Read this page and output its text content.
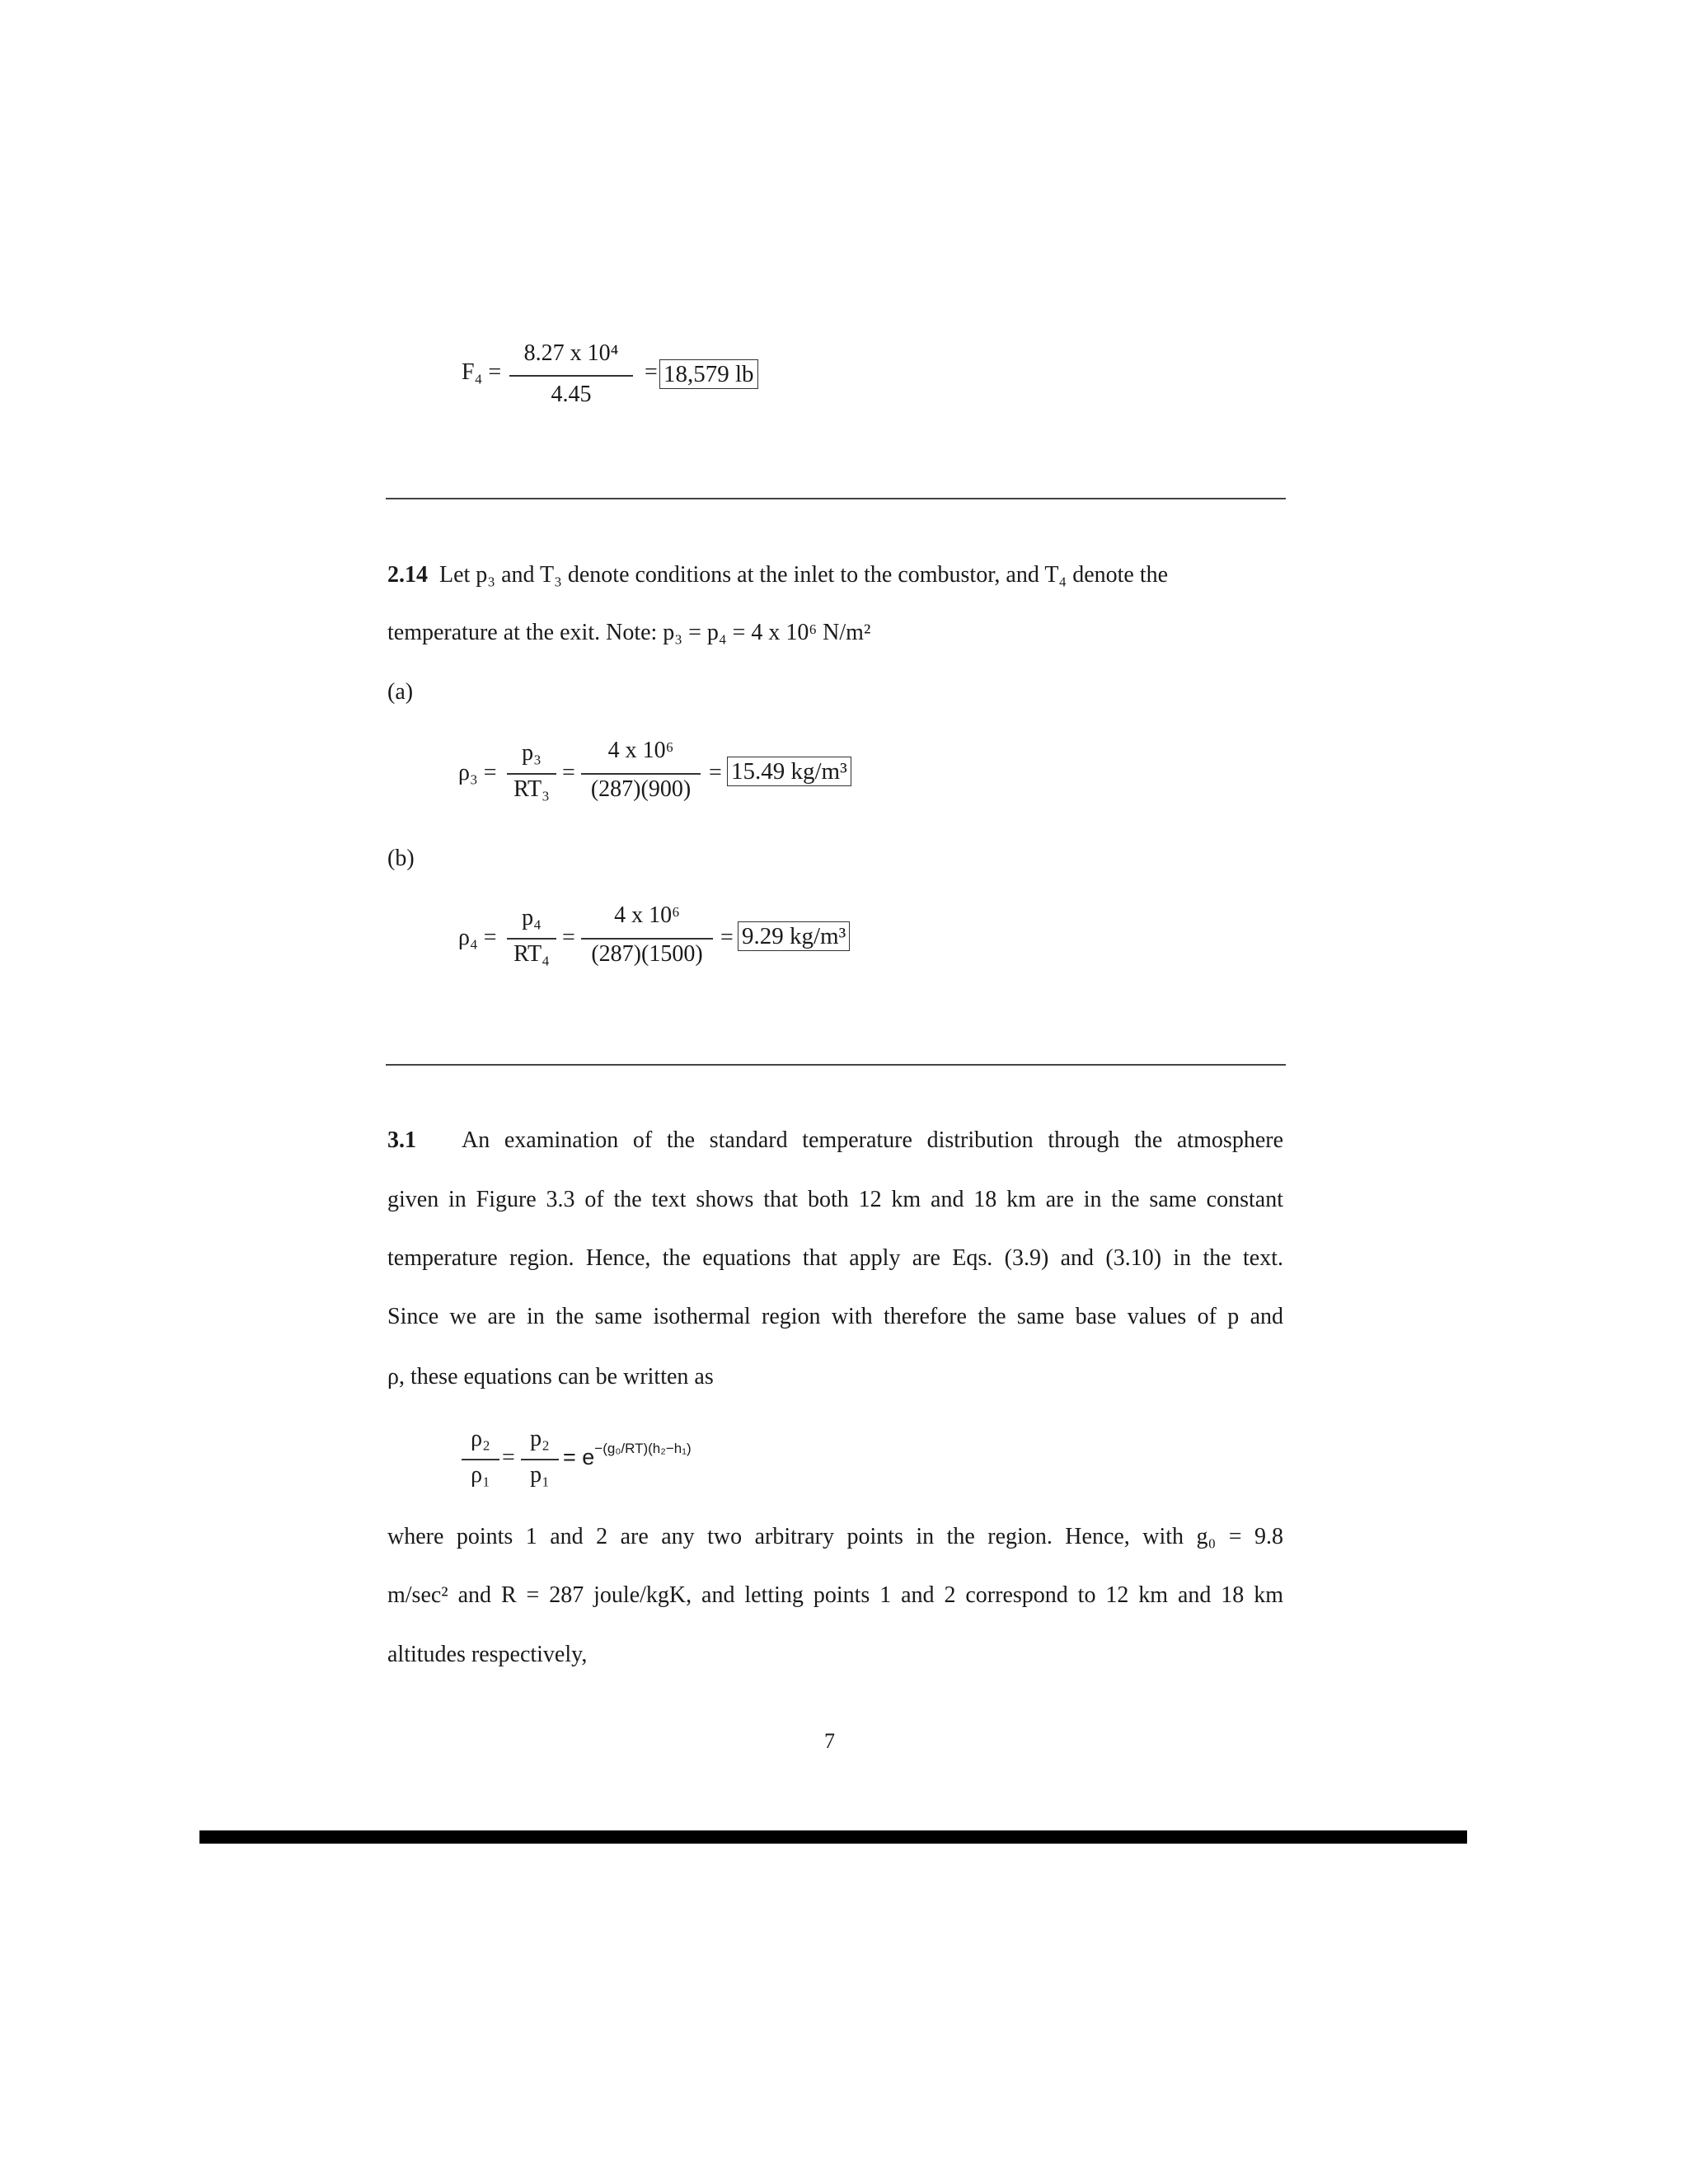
F₄ =
8.27 x 10⁴
4.45
= 18,579 lb
2.14 Let p₃ and T₃ denote conditions at the inlet to the combustor, and T₄ denote the
temperature at the exit. Note: p₃ = p₄ = 4 x 10⁶ N/m²
(a)
ρ₃ =
p₃
RT₃
=
4 x 10⁶
(287)(900)
= 15.49 kg/m³
(b)
ρ₄ =
p₄
RT₄
=
4 x 10⁶
(287)(1500)
= 9.29 kg/m³
3.1 An examination of the standard temperature distribution through the atmosphere
given in Figure 3.3 of the text shows that both 12 km and 18 km are in the same constant
temperature region. Hence, the equations that apply are Eqs. (3.9) and (3.10) in the text.
Since we are in the same isothermal region with therefore the same base values of p and
ρ, these equations can be written as
ρ₂
ρ₁
=
p₂
p₁
= $e^{-(g_0/RT)(h_2-h_1)}$
where points 1 and 2 are any two arbitrary points in the region. Hence, with g₀ = 9.8
m/sec² and R = 287 joule/kgK, and letting points 1 and 2 correspond to 12 km and 18 km
altitudes respectively,
7
